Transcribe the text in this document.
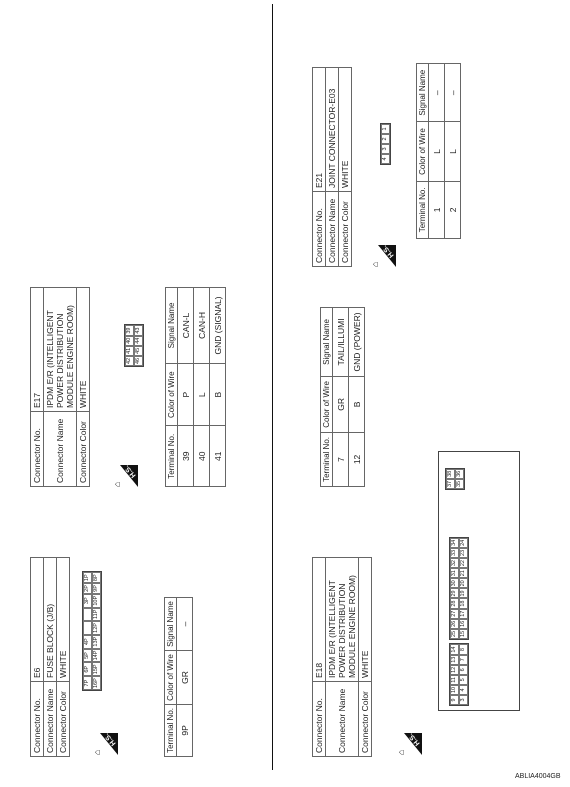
Connector No.	E6
Connector Name	FUSE BLOCK (J/B)
Connector Color	WHITE
⌂
H.S.
7P
6P
5P
4P
3P
2P
1P
16P
15P
14P
13P
12P
11P
10P
9P
8P
Terminal No.	Color of Wire	Signal Name
9P	GR	–
Connector No.	E17
Connector Name	IPDM E/R (INTELLIGENT POWER DISTRIBUTION MODULE ENGINE ROOM)
Connector Color	WHITE
⌂
H.S.
42
41
40
39
46
45
44
43
Terminal No.	Color of Wire	Signal Name
39	P	CAN-L
40	L	CAN-H
41	B	GND (SIGNAL)
Connector No.	E18
Connector Name	IPDM E/R (INTELLIGENT POWER DISTRIBUTION MODULE ENGINE ROOM)
Connector Color	WHITE
⌂
H.S.
9
10
11
12
13
14
3
4
5
6
7
8
25
26
27
28
29
30
31
32
33
34
15
16
17
18
19
20
21
22
23
24
37
38
35
36
Terminal No.	Color of Wire	Signal Name
7	GR	TAIL/ILLUMI
12	B	GND (POWER)
Connector No.	E21
Connector Name	JOINT CONNECTOR-E03
Connector Color	WHITE
⌂
H.S.
4
3
2
1
Terminal No.	Color of Wire	Signal Name
1	L	–
2	L	–
ABLIA4004GB
